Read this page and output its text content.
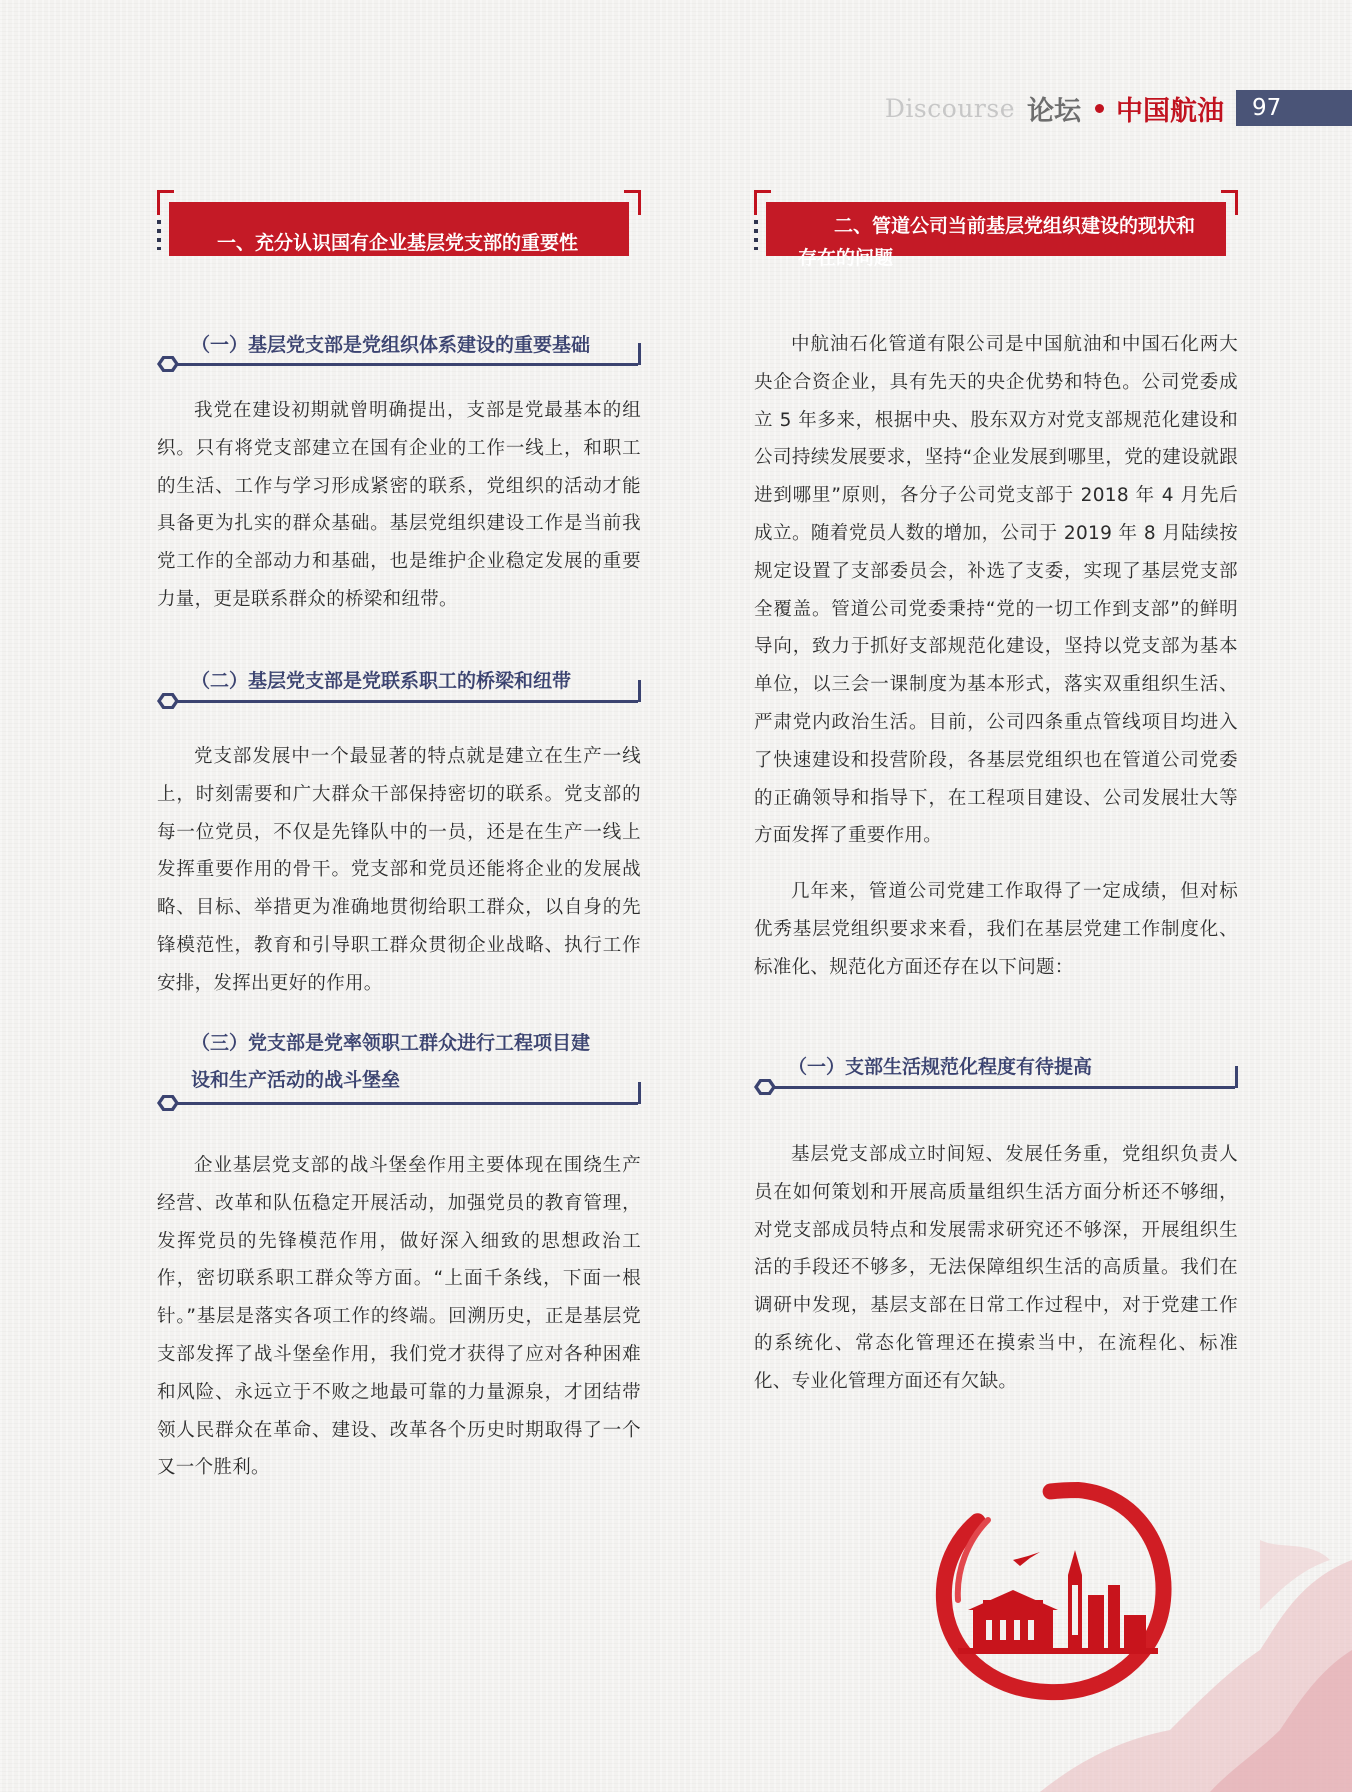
Discourse 论坛 中国航油	97
一、充分认识国有企业基层党支部的重要性
（一）基层党支部是党组织体系建设的重要基础

我党在建设初期就曾明确提出，支部是党最基本的组织。只有将党支部建立在国有企业的工作一线上，和职工的生活、工作与学习形成紧密的联系，党组织的活动才能具备更为扎实的群众基础。基层党组织建设工作是当前我党工作的全部动力和基础，也是维护企业稳定发展的重要力量，更是联系群众的桥梁和纽带。

（二）基层党支部是党联系职工的桥梁和纽带

党支部发展中一个最显著的特点就是建立在生产一线上，时刻需要和广大群众干部保持密切的联系。党支部的每一位党员，不仅是先锋队中的一员，还是在生产一线上发挥重要作用的骨干。党支部和党员还能将企业的发展战略、目标、举措更为准确地贯彻给职工群众，以自身的先锋模范性，教育和引导职工群众贯彻企业战略、执行工作安排，发挥出更好的作用。

（三）党支部是党率领职工群众进行工程项目建
设和生产活动的战斗堡垒

企业基层党支部的战斗堡垒作用主要体现在围绕生产经营、改革和队伍稳定开展活动，加强党员的教育管理，发挥党员的先锋模范作用，做好深入细致的思想政治工作，密切联系职工群众等方面。“上面千条线，下面一根针。”基层是落实各项工作的终端。回溯历史，正是基层党支部发挥了战斗堡垒作用，我们党才获得了应对各种困难和风险、永远立于不败之地最可靠的力量源泉，才团结带领人民群众在革命、建设、改革各个历史时期取得了一个又一个胜利。

二、管道公司当前基层党组织建设的现状和
存在的问题

中航油石化管道有限公司是中国航油和中国石化两大央企合资企业，具有先天的央企优势和特色。公司党委成立 5 年多来，根据中央、股东双方对党支部规范化建设和公司持续发展要求，坚持“企业发展到哪里，党的建设就跟进到哪里”原则，各分子公司党支部于 2018 年 4 月先后成立。随着党员人数的增加，公司于 2019 年 8 月陆续按规定设置了支部委员会，补选了支委，实现了基层党支部全覆盖。管道公司党委秉持“党的一切工作到支部”的鲜明导向，致力于抓好支部规范化建设，坚持以党支部为基本单位，以三会一课制度为基本形式，落实双重组织生活、严肃党内政治生活。目前，公司四条重点管线项目均进入了快速建设和投营阶段，各基层党组织也在管道公司党委的正确领导和指导下，在工程项目建设、公司发展壮大等方面发挥了重要作用。

几年来，管道公司党建工作取得了一定成绩，但对标优秀基层党组织要求来看，我们在基层党建工作制度化、标准化、规范化方面还存在以下问题：

（一）支部生活规范化程度有待提高

基层党支部成立时间短、发展任务重，党组织负责人员在如何策划和开展高质量组织生活方面分析还不够细，对党支部成员特点和发展需求研究还不够深，开展组织生活的手段还不够多，无法保障组织生活的高质量。我们在调研中发现，基层支部在日常工作过程中，对于党建工作的系统化、常态化管理还在摸索当中，在流程化、标准化、专业化管理方面还有欠缺。
